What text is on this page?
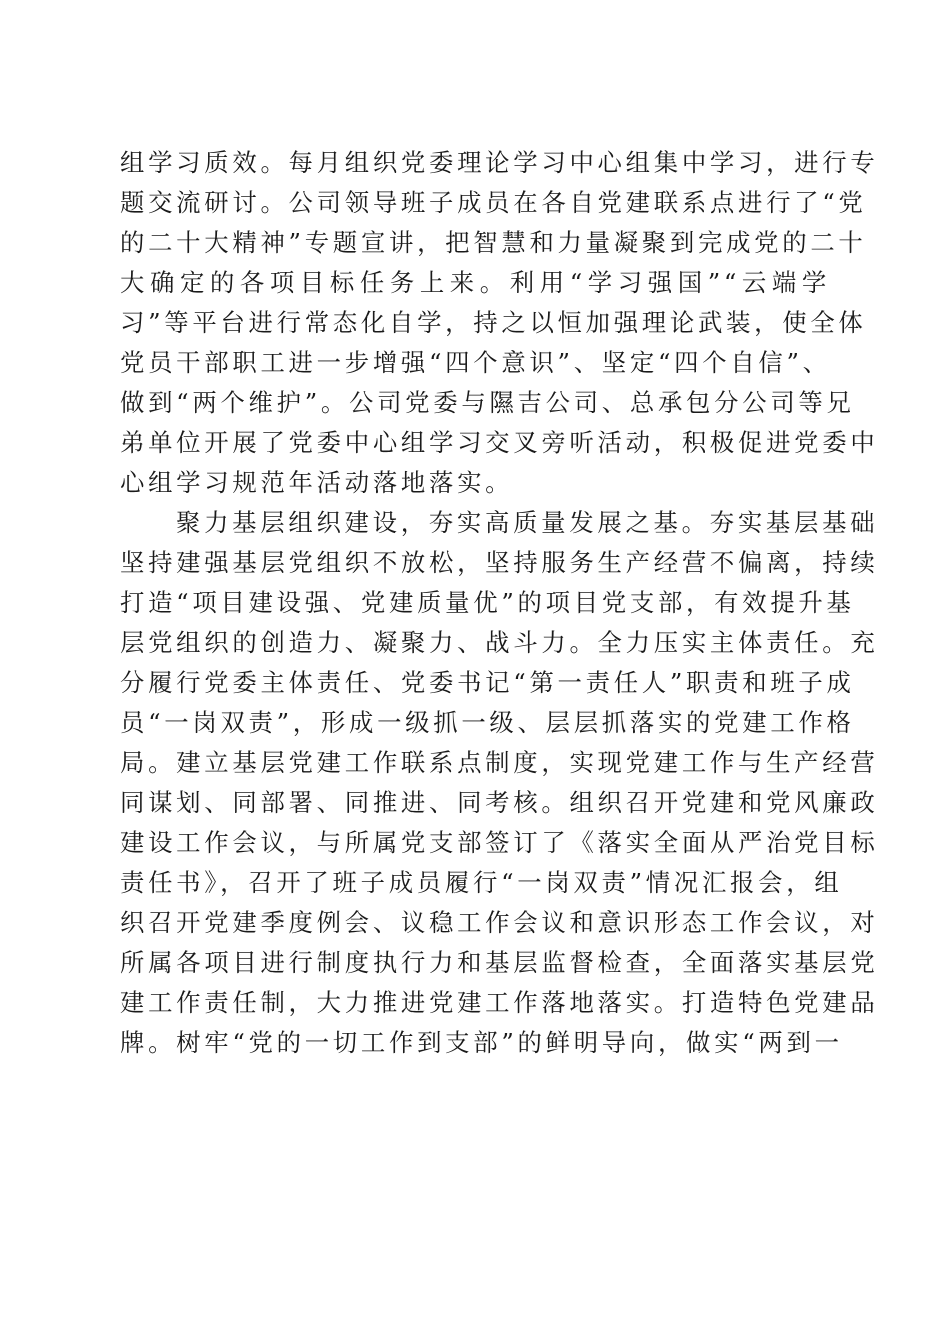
组学习质效。每月组织党委理论学习中心组集中学习，进行专
题交流研讨。公司领导班子成员在各自党建联系点进行了“党
的二十大精神”专题宣讲，把智慧和力量凝聚到完成党的二十
大确定的各项目标任务上来。利用“学习强国”“云端学
习”等平台进行常态化自学，持之以恒加强理论武装，使全体
党员干部职工进一步增强“四个意识”、坚定“四个自信”、
做到“两个维护”。公司党委与隰吉公司、总承包分公司等兄
弟单位开展了党委中心组学习交叉旁听活动，积极促进党委中
心组学习规范年活动落地落实。
聚力基层组织建设，夯实高质量发展之基。夯实基层基础
坚持建强基层党组织不放松，坚持服务生产经营不偏离，持续
打造“项目建设强、党建质量优”的项目党支部，有效提升基
层党组织的创造力、凝聚力、战斗力。全力压实主体责任。充
分履行党委主体责任、党委书记“第一责任人”职责和班子成
员“一岗双责”，形成一级抓一级、层层抓落实的党建工作格
局。建立基层党建工作联系点制度，实现党建工作与生产经营
同谋划、同部署、同推进、同考核。组织召开党建和党风廉政
建设工作会议，与所属党支部签订了《落实全面从严治党目标
责任书》，召开了班子成员履行“一岗双责”情况汇报会，组
织召开党建季度例会、议稳工作会议和意识形态工作会议，对
所属各项目进行制度执行力和基层监督检查，全面落实基层党
建工作责任制，大力推进党建工作落地落实。打造特色党建品
牌。树牢“党的一切工作到支部”的鲜明导向，做实“两到一
